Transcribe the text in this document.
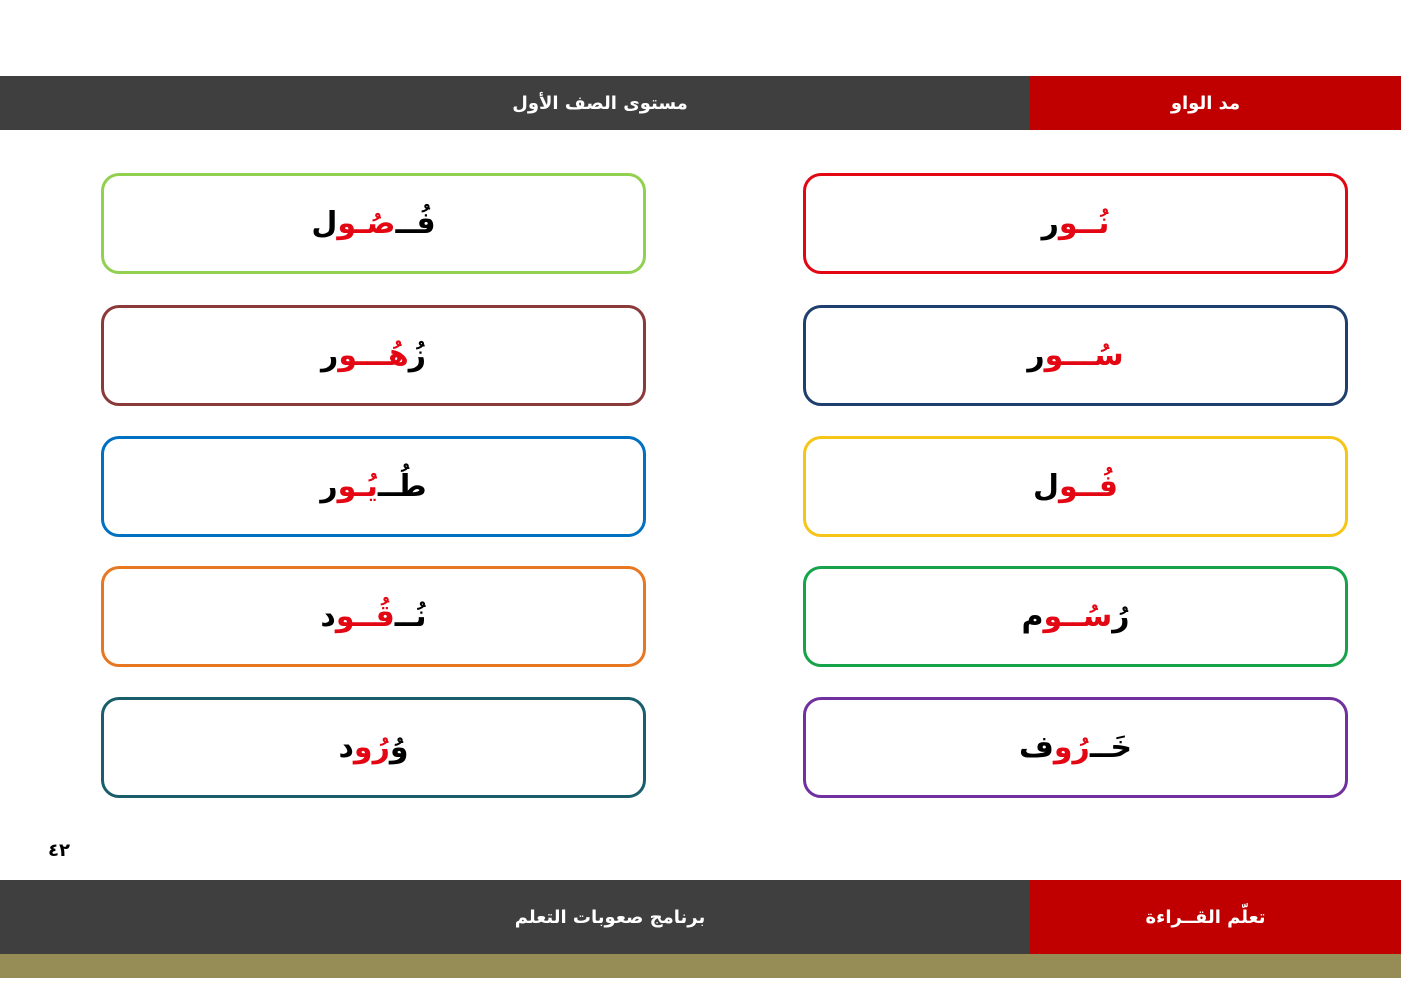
مستوى الصف الأول	مد الواو
نُــو
ر
سُـــو
ر
فُــو
ل
رُ
سُــو
م
خَــ
رُو
ف
فُــ
صُـو
ل
زُ
هُـــو
ر
طُــ
يُـو
ر
نُــ
قُــو
د
وُ
رُو
د
٤٢
برنامج صعوبات التعلم	تعلّم القــراءة
